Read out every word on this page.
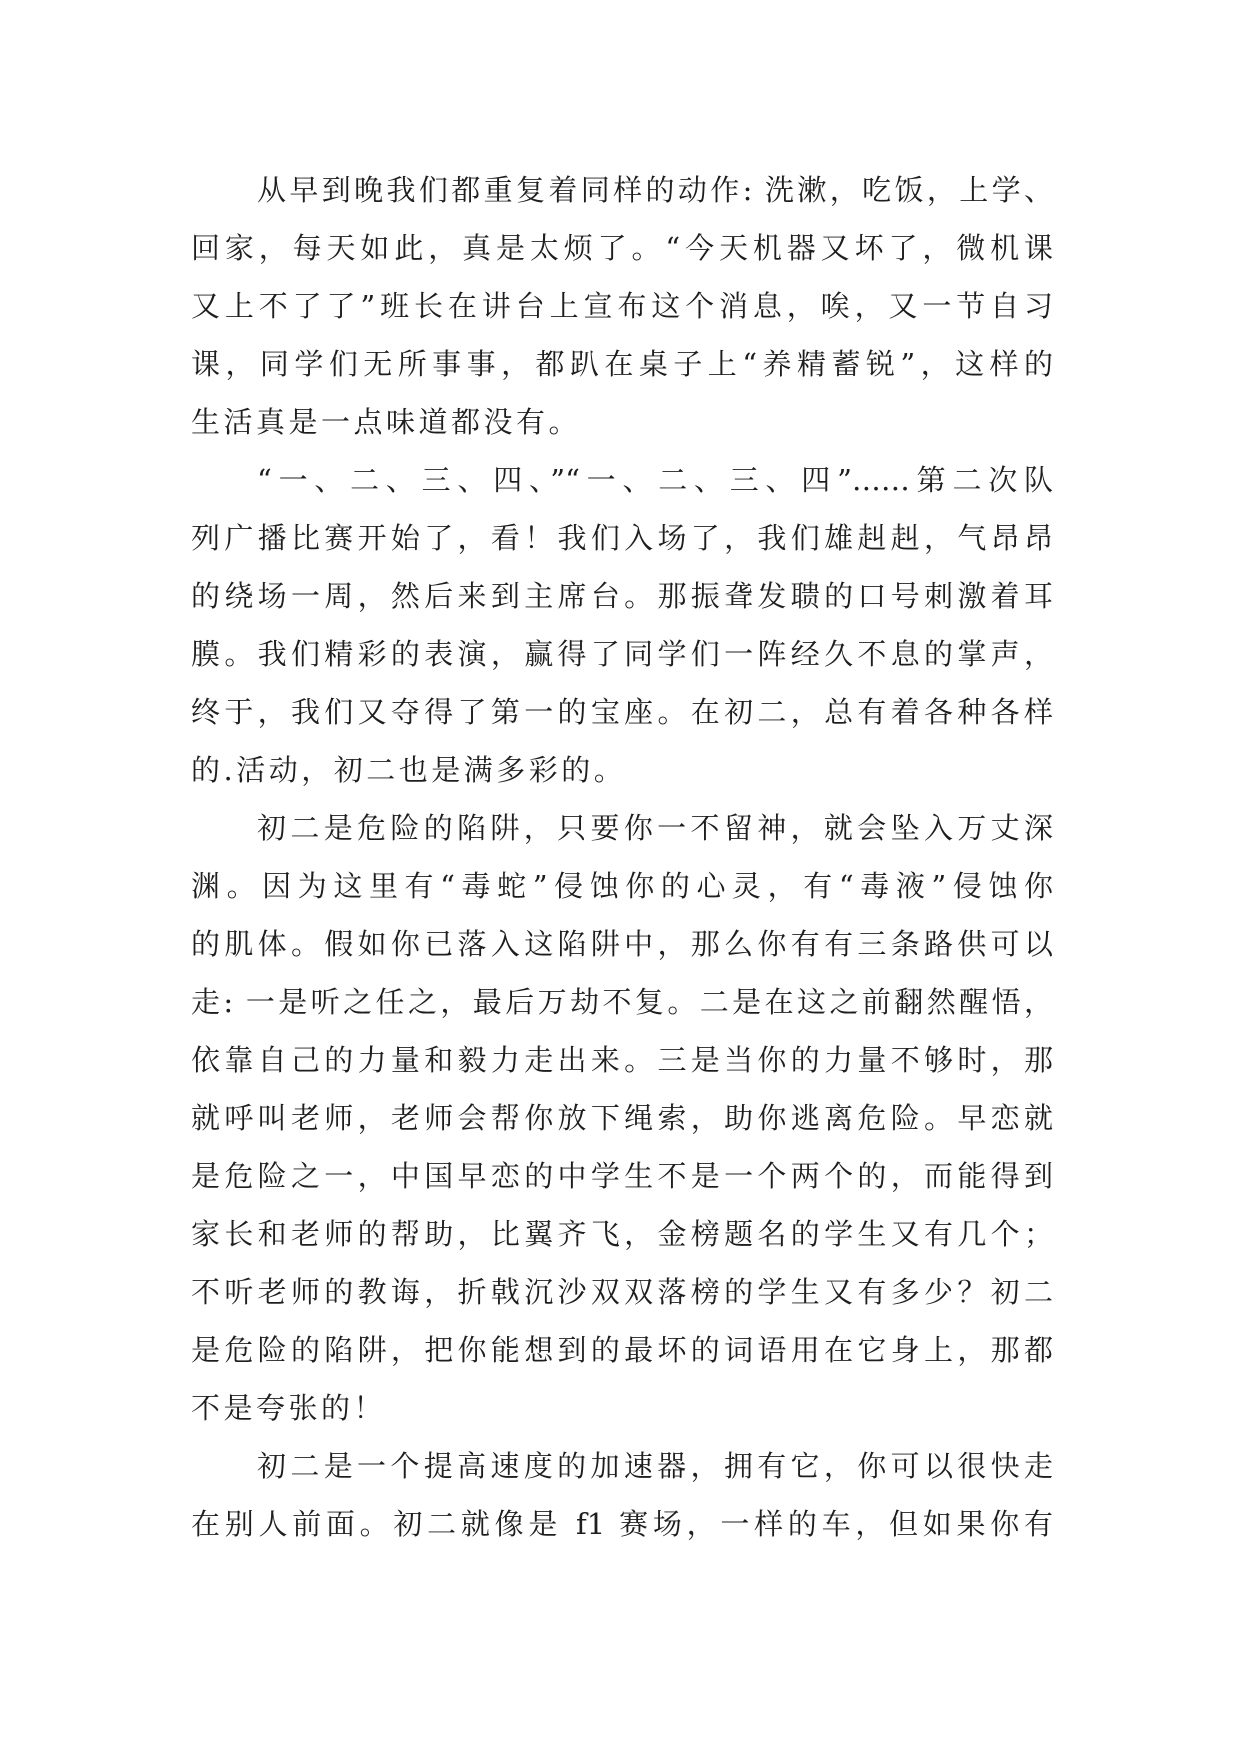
从早到晚我们都重复着同样的动作: 洗漱，吃饭，上学、
回家，每天如此，真是太烦了。“今天机器又坏了，微机课
又上不了了”班长在讲台上宣布这个消息，唉，又一节自习
课，同学们无所事事，都趴在桌子上“养精蓄锐”，这样的
生活真是一点味道都没有。
“一、二、三、四、”“一、二、三、四”……第二次队
列广播比赛开始了，看！我们入场了，我们雄赳赳，气昂昂
的绕场一周，然后来到主席台。那振聋发聩的口号刺激着耳
膜。我们精彩的表演，赢得了同学们一阵经久不息的掌声，
终于，我们又夺得了第一的宝座。在初二，总有着各种各样
的.活动，初二也是满多彩的。
初二是危险的陷阱，只要你一不留神，就会坠入万丈深
渊。因为这里有“毒蛇”侵蚀你的心灵，有“毒液”侵蚀你
的肌体。假如你已落入这陷阱中，那么你有有三条路供可以
走: 一是听之任之，最后万劫不复。二是在这之前翻然醒悟，
依靠自己的力量和毅力走出来。三是当你的力量不够时，那
就呼叫老师，老师会帮你放下绳索，助你逃离危险。早恋就
是危险之一，中国早恋的中学生不是一个两个的，而能得到
家长和老师的帮助，比翼齐飞，金榜题名的学生又有几个；
不听老师的教诲，折戟沉沙双双落榜的学生又有多少？初二
是危险的陷阱，把你能想到的最坏的词语用在它身上，那都
不是夸张的！
初二是一个提高速度的加速器，拥有它，你可以很快走
在别人前面。初二就像是 f1 赛场，一样的车，但如果你有
